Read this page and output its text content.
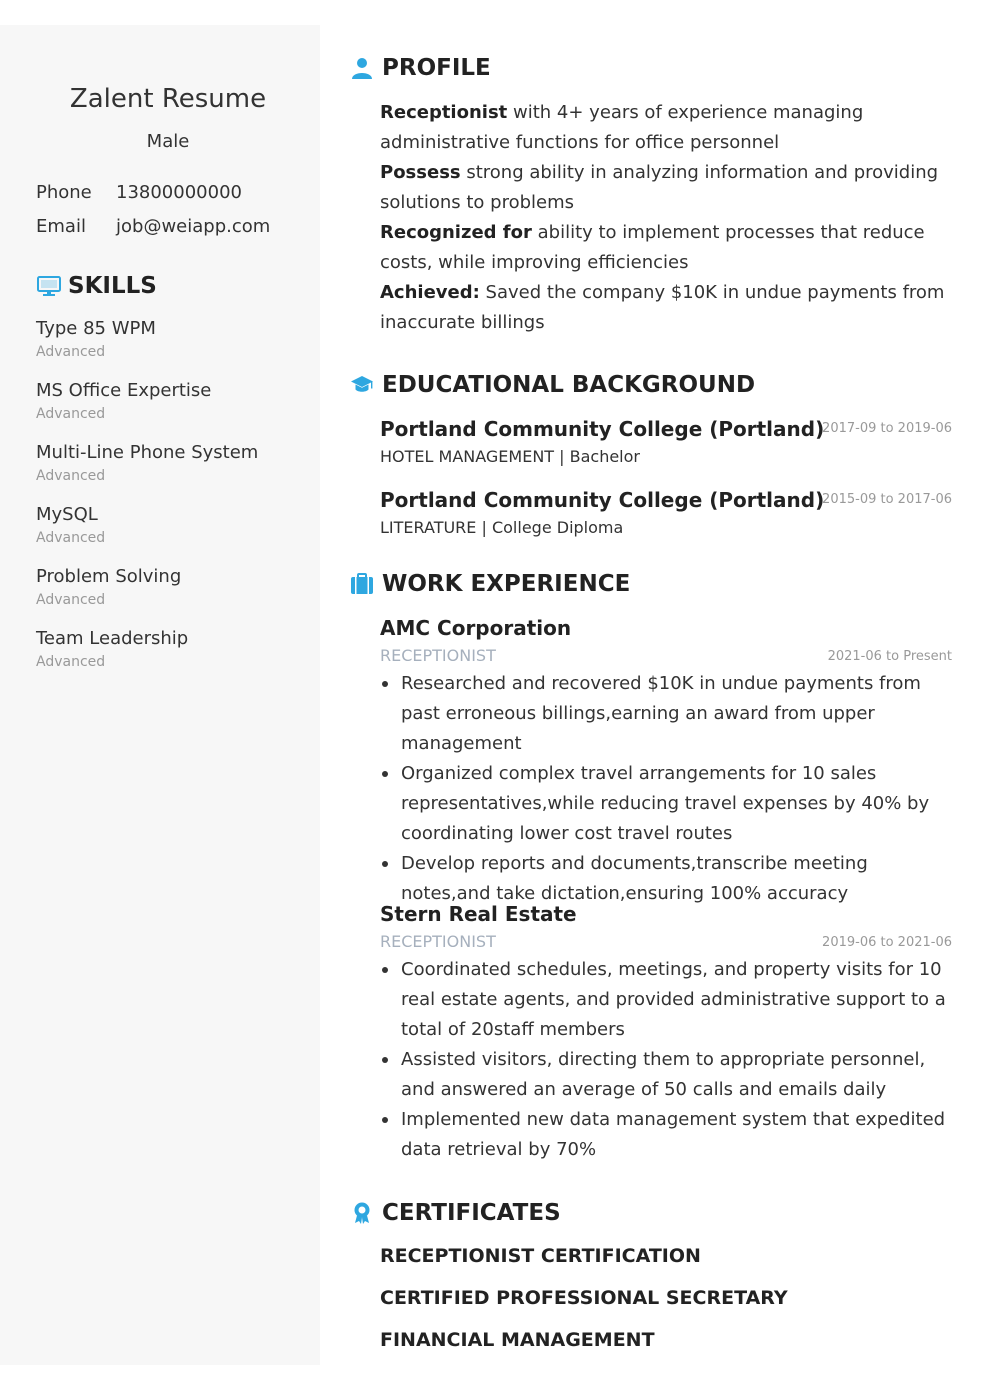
Zalent Resume
Male
Phone 13800000000
Email job@weiapp.com
SKILLS
Type 85 WPM
Advanced
MS Office Expertise
Advanced
Multi-Line Phone System
Advanced
MySQL
Advanced
Problem Solving
Advanced
Team Leadership
Advanced
PROFILE

Receptionist with 4+ years of experience managing administrative functions for office personnel

Possess strong ability in analyzing information and providing solutions to problems

Recognized for ability to implement processes that reduce costs, while improving efficiencies

Achieved: Saved the company $10K in undue payments from inaccurate billings

EDUCATIONAL BACKGROUND
Portland Community College (Portland)
2017-09 to 2019-06
HOTEL MANAGEMENT | Bachelor
Portland Community College (Portland)
2015-09 to 2017-06
LITERATURE | College Diploma
WORK EXPERIENCE
AMC Corporation
RECEPTIONIST	2021-06 to Present
Researched and recovered $10K in undue payments from past erroneous billings,earning an award from upper management
Organized complex travel arrangements for 10 sales representatives,while reducing travel expenses by 40% by coordinating lower cost travel routes
Develop reports and documents,transcribe meeting notes,and take dictation,ensuring 100% accuracy
Stern Real Estate
RECEPTIONIST	2019-06 to 2021-06
Coordinated schedules, meetings, and property visits for 10 real estate agents, and provided administrative support to a total of 20staff members
Assisted visitors, directing them to appropriate personnel, and answered an average of 50 calls and emails daily
Implemented new data management system that expedited data retrieval by 70%
CERTIFICATES
RECEPTIONIST CERTIFICATION
CERTIFIED PROFESSIONAL SECRETARY
FINANCIAL MANAGEMENT
